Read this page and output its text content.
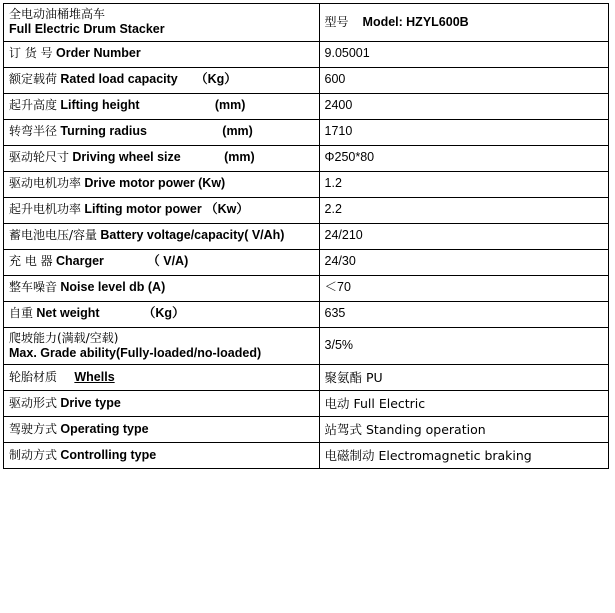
全电动油桶堆高车
Full Electric Drum Stacker	型号 Model: HZYL600B
订 货 号 Order Number	9.05001
额定载荷 Rated load capacity （Kg）	600
起升高度 Lifting height (mm)	2400
转弯半径 Turning radius (mm)	1710
驱动轮尺寸 Driving wheel size (mm)	Φ250*80
驱动电机功率 Drive motor power (Kw)	1.2
起升电机功率 Lifting motor power （Kw）	2.2
蓄电池电压/容量 Battery voltage/capacity( V/Ah)	24/210
充 电 器 Charger （ V/A)	24/30
整车噪音 Noise level db (A)	＜70
自重 Net weight （Kg）	635

爬坡能力(满载/空载)
Max. Grade ability(Fully-loaded/no-loaded)	3/5%
轮胎材质 Whells	聚氨酯 PU
驱动形式 Drive type	电动 Full Electric
驾驶方式 Operating type	站驾式 Standing operation
制动方式 Controlling type	电磁制动 Electromagnetic braking
